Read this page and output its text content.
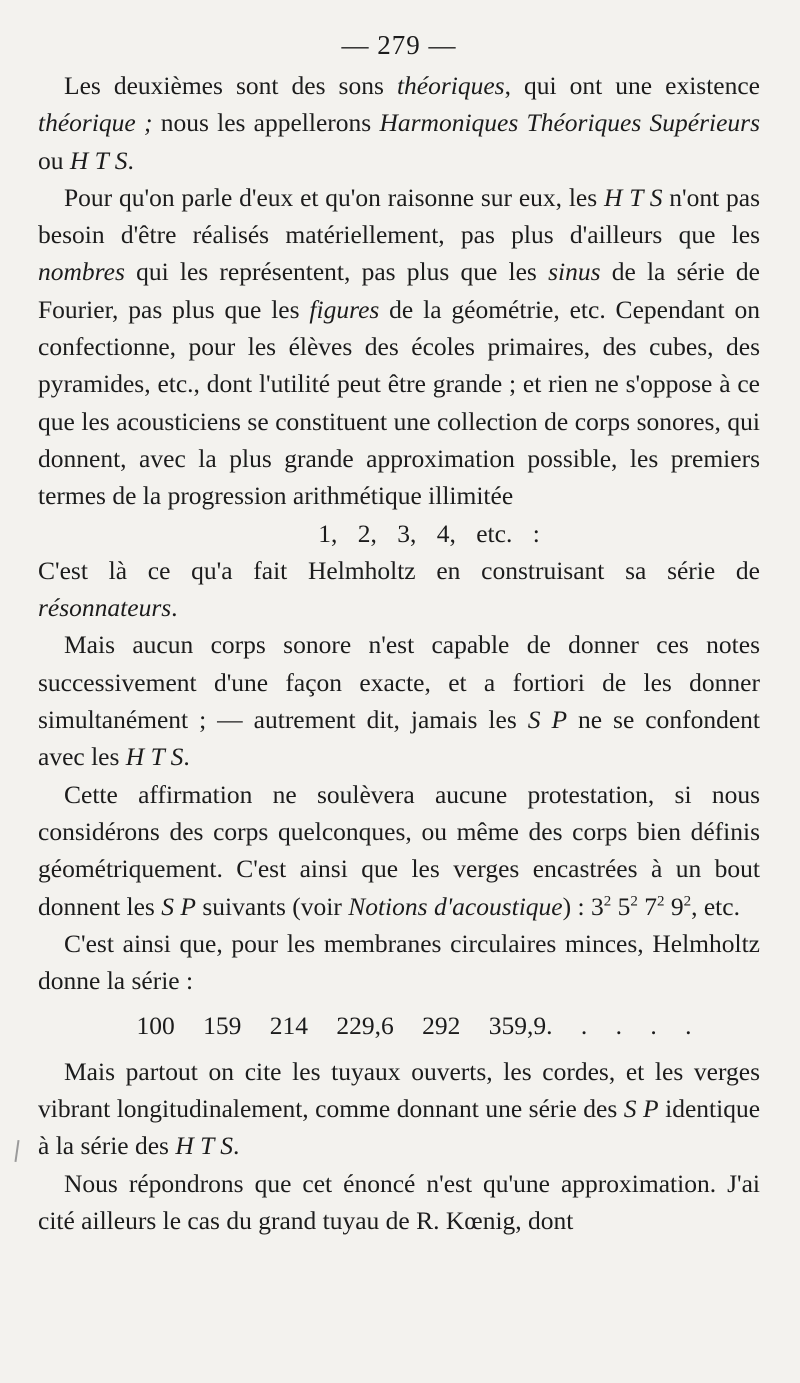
— 279 —

Les deuxièmes sont des sons théoriques, qui ont une existence théorique ; nous les appellerons Harmoniques Théoriques Supérieurs ou H T S.

Pour qu'on parle d'eux et qu'on raisonne sur eux, les H T S n'ont pas besoin d'être réalisés matériellement, pas plus d'ailleurs que les nombres qui les représentent, pas plus que les sinus de la série de Fourier, pas plus que les figures de la géométrie, etc. Cependant on confectionne, pour les élèves des écoles primaires, des cubes, des pyramides, etc., dont l'utilité peut être grande ; et rien ne s'oppose à ce que les acousticiens se constituent une collection de corps sonores, qui donnent, avec la plus grande approximation possible, les premiers termes de la progression arithmétique illimitée

1, 2, 3, 4, etc. :

C'est là ce qu'a fait Helmholtz en construisant sa série de résonnateurs.

Mais aucun corps sonore n'est capable de donner ces notes successivement d'une façon exacte, et a fortiori de les donner simultanément ; — autrement dit, jamais les S P ne se confondent avec les H T S.

Cette affirmation ne soulèvera aucune protestation, si nous considérons des corps quelconques, ou même des corps bien définis géométriquement. C'est ainsi que les verges encastrées à un bout donnent les S P suivants (voir Notions d'acoustique) : $3^2$ $5^2$ $7^2$ $9^2$, etc.

C'est ainsi que, pour les membranes circulaires minces, Helmholtz donne la série :

100 159 214 229,6 292 359,9. . . . .

Mais partout on cite les tuyaux ouverts, les cordes, et les verges vibrant longitudinalement, comme donnant une série des S P identique à la série des H T S.

Nous répondrons que cet énoncé n'est qu'une approximation. J'ai cité ailleurs le cas du grand tuyau de R. Kœnig, dont
